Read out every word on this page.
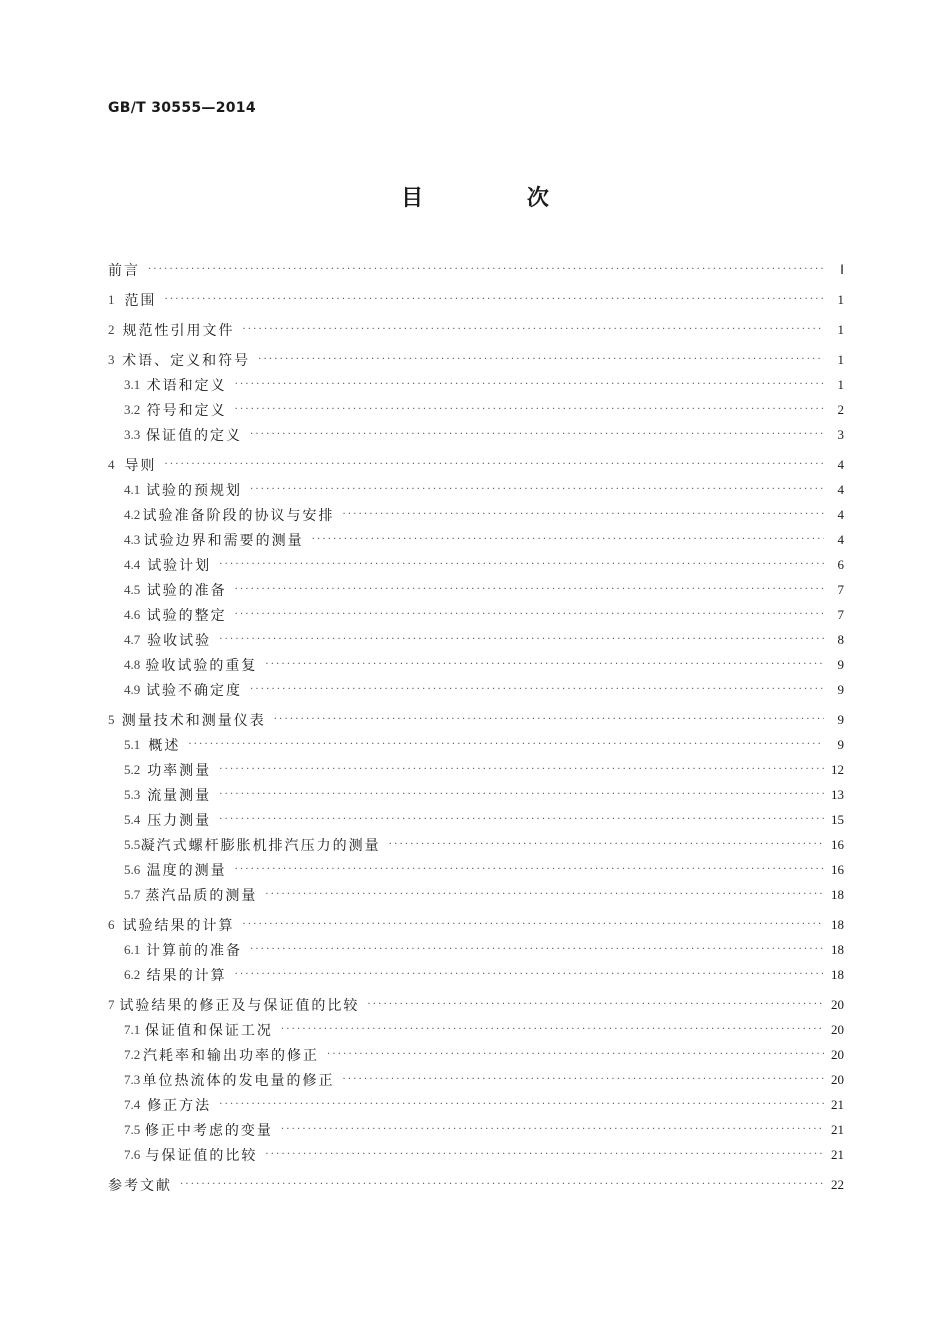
GB/T 30555—2014
目 次
前言 ·····	Ⅰ
1 范围 ·····	1
2 规范性引用文件 ·····	1
3 术语、定义和符号 ·····	1
3.1 术语和定义 ·····	1
3.2 符号和定义 ·····	2
3.3 保证值的定义 ·····	3
4 导则 ·····	4
4.1 试验的预规划 ·····	4
4.2 试验准备阶段的协议与安排 ·····	4
4.3 试验边界和需要的测量 ·····	4
4.4 试验计划 ·····	6
4.5 试验的准备 ·····	7
4.6 试验的整定 ·····	7
4.7 验收试验 ·····	8
4.8 验收试验的重复 ·····	9
4.9 试验不确定度 ·····	9
5 测量技术和测量仪表 ·····	9
5.1 概述 ·····	9
5.2 功率测量 ·····	12
5.3 流量测量 ·····	13
5.4 压力测量 ·····	15
5.5 凝汽式螺杆膨胀机排汽压力的测量 ·····	16
5.6 温度的测量 ·····	16
5.7 蒸汽品质的测量 ·····	18
6 试验结果的计算 ·····	18
6.1 计算前的准备 ·····	18
6.2 结果的计算 ·····	18
7 试验结果的修正及与保证值的比较 ·····	20
7.1 保证值和保证工况 ·····	20
7.2 汽耗率和输出功率的修正 ·····	20
7.3 单位热流体的发电量的修正 ·····	20
7.4 修正方法 ·····	21
7.5 修正中考虑的变量 ·····	21
7.6 与保证值的比较 ·····	21
参考文献 ·····	22
